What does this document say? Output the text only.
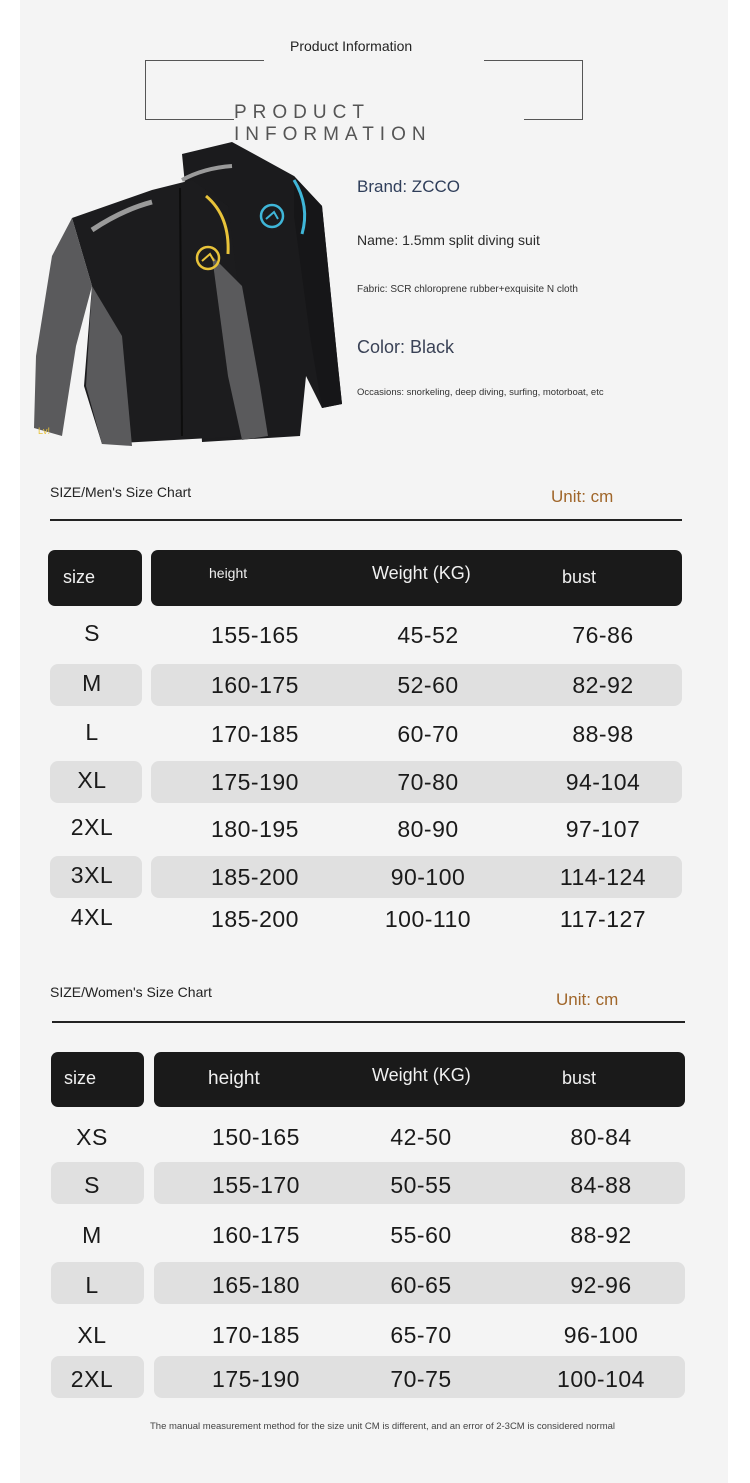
Product Information
PRODUCT INFORMATION
Lv!
Brand: ZCCO
Name: 1.5mm split diving suit
Fabric: SCR chloroprene rubber+exquisite N cloth
Color: Black
Occasions: snorkeling, deep diving, surfing, motorboat, etc
SIZE/Men's Size Chart	Unit: cm
size	height	Weight (KG)	bust
S	155-165	45-52	76-86
M	160-175	52-60	82-92
L	170-185	60-70	88-98
XL	175-190	70-80	94-104
2XL	180-195	80-90	97-107
3XL	185-200	90-100	114-124
4XL	185-200	100-110	117-127
SIZE/Women's Size Chart	Unit: cm
size	height	Weight (KG)	bust
XS	150-165	42-50	80-84
S	155-170	50-55	84-88
M	160-175	55-60	88-92
L	165-180	60-65	92-96
XL	170-185	65-70	96-100
2XL	175-190	70-75	100-104
The manual measurement method for the size unit CM is different, and an error of 2-3CM is considered normal
